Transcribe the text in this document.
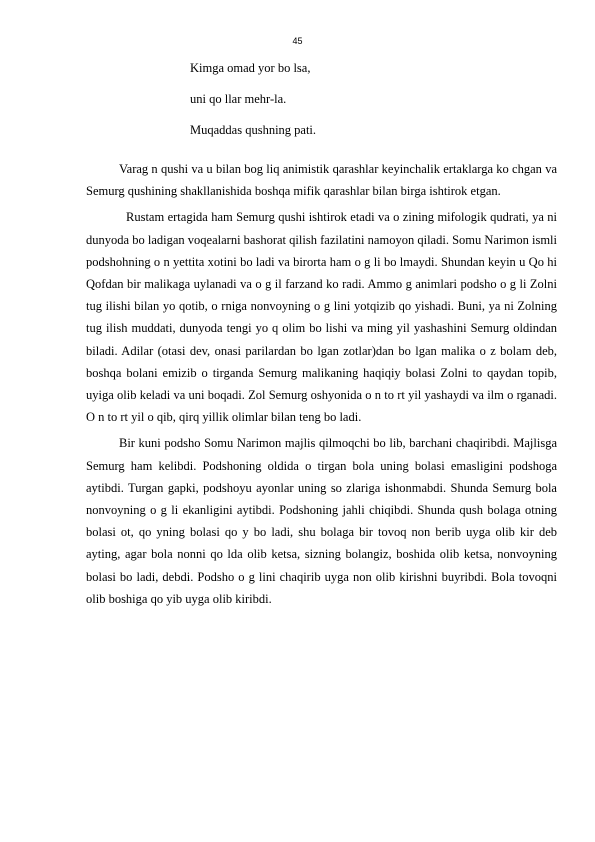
45
Kimga omad yor bo lsa,
uni qo llar mehr-la.
Muqaddas qushning pati.

Varag n qushi va u bilan bog liq animistik qarashlar keyinchalik ertaklarga ko chgan va Semurg qushining shakllanishida boshqa mifik qarashlar bilan birga ishtirok etgan.

Rustam ertagida ham Semurg qushi ishtirok etadi va o zining mifologik qudrati, ya ni dunyoda bo ladigan voqealarni bashorat qilish fazilatini namoyon qiladi. Somu Narimon ismli podshohning o n yettita xotini bo ladi va birorta ham o g li bo lmaydi. Shundan keyin u Qo hi Qofdan bir malikaga uylanadi va o g il farzand ko radi. Ammo g animlari podsho o g li Zolni tug ilishi bilan yo qotib, o rniga nonvoyning o g lini yotqizib qo yishadi. Buni, ya ni Zolning tug ilish muddati, dunyoda tengi yo q olim bo lishi va ming yil yashashini Semurg oldindan biladi. Adilar (otasi dev, onasi parilardan bo lgan zotlar)dan bo lgan malika o z bolam deb, boshqa bolani emizib o tirganda Semurg malikaning haqiqiy bolasi Zolni to qaydan topib, uyiga olib keladi va uni boqadi. Zol Semurg oshyonida o n to rt yil yashaydi va ilm o rganadi. O n to rt yil o qib, qirq yillik olimlar bilan teng bo ladi.

Bir kuni podsho Somu Narimon majlis qilmoqchi bo lib, barchani chaqiribdi. Majlisga Semurg ham kelibdi. Podshoning oldida o tirgan bola uning bolasi emasligini podshoga aytibdi. Turgan gapki, podshoyu ayonlar uning so zlariga ishonmabdi. Shunda Semurg bola nonvoyning o g li ekanligini aytibdi. Podshoning jahli chiqibdi. Shunda qush bolaga otning bolasi ot, qo yning bolasi qo y bo ladi, shu bolaga bir tovoq non berib uyga olib kir deb ayting, agar bola nonni qo lda olib ketsa, sizning bolangiz, boshida olib ketsa, nonvoyning bolasi bo ladi, debdi. Podsho o g lini chaqirib uyga non olib kirishni buyribdi. Bola tovoqni olib boshiga qo yib uyga olib kiribdi.
